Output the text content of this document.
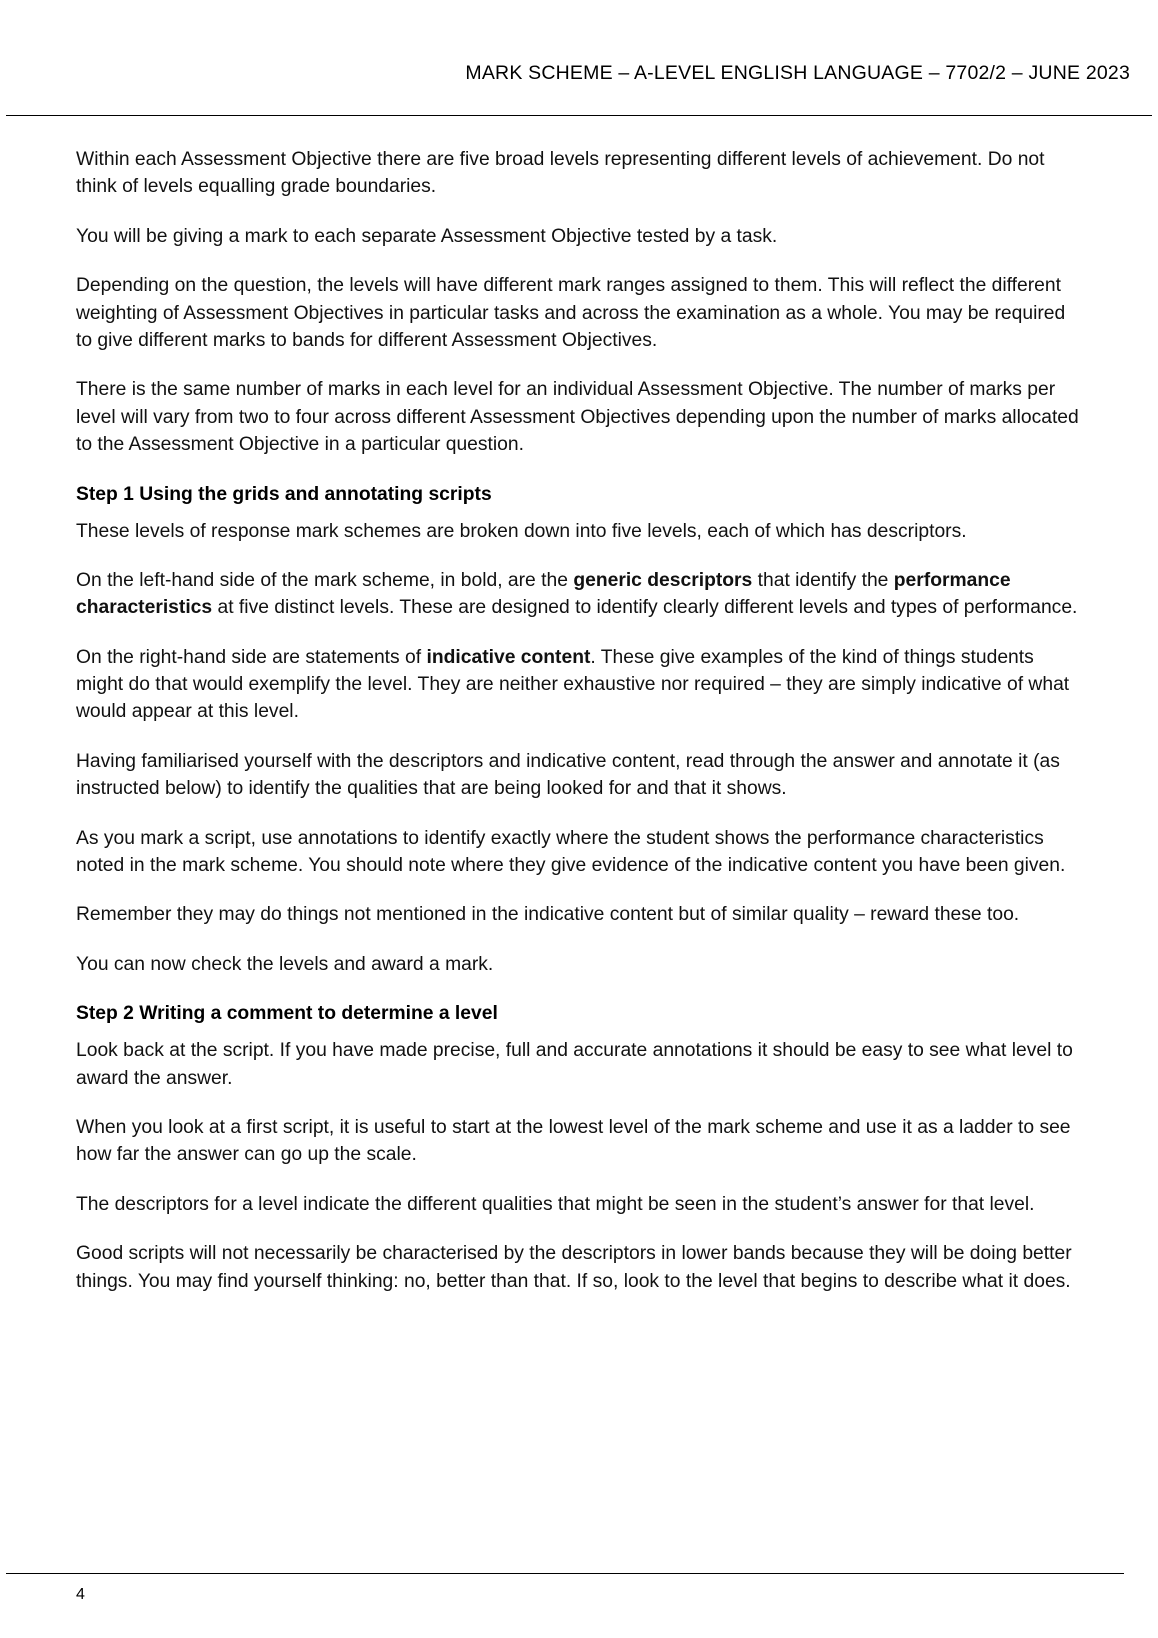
MARK SCHEME – A-LEVEL ENGLISH LANGUAGE – 7702/2 – JUNE 2023

Within each Assessment Objective there are five broad levels representing different levels of achievement. Do not think of levels equalling grade boundaries.

You will be giving a mark to each separate Assessment Objective tested by a task.

Depending on the question, the levels will have different mark ranges assigned to them. This will reflect the different weighting of Assessment Objectives in particular tasks and across the examination as a whole. You may be required to give different marks to bands for different Assessment Objectives.

There is the same number of marks in each level for an individual Assessment Objective. The number of marks per level will vary from two to four across different Assessment Objectives depending upon the number of marks allocated to the Assessment Objective in a particular question.

Step 1 Using the grids and annotating scripts

These levels of response mark schemes are broken down into five levels, each of which has descriptors.

On the left-hand side of the mark scheme, in bold, are the generic descriptors that identify the performance characteristics at five distinct levels. These are designed to identify clearly different levels and types of performance.

On the right-hand side are statements of indicative content. These give examples of the kind of things students might do that would exemplify the level. They are neither exhaustive nor required – they are simply indicative of what would appear at this level.

Having familiarised yourself with the descriptors and indicative content, read through the answer and annotate it (as instructed below) to identify the qualities that are being looked for and that it shows.

As you mark a script, use annotations to identify exactly where the student shows the performance characteristics noted in the mark scheme. You should note where they give evidence of the indicative content you have been given.

Remember they may do things not mentioned in the indicative content but of similar quality – reward these too.

You can now check the levels and award a mark.

Step 2 Writing a comment to determine a level

Look back at the script. If you have made precise, full and accurate annotations it should be easy to see what level to award the answer.

When you look at a first script, it is useful to start at the lowest level of the mark scheme and use it as a ladder to see how far the answer can go up the scale.

The descriptors for a level indicate the different qualities that might be seen in the student’s answer for that level.

Good scripts will not necessarily be characterised by the descriptors in lower bands because they will be doing better things. You may find yourself thinking: no, better than that. If so, look to the level that begins to describe what it does.

4
